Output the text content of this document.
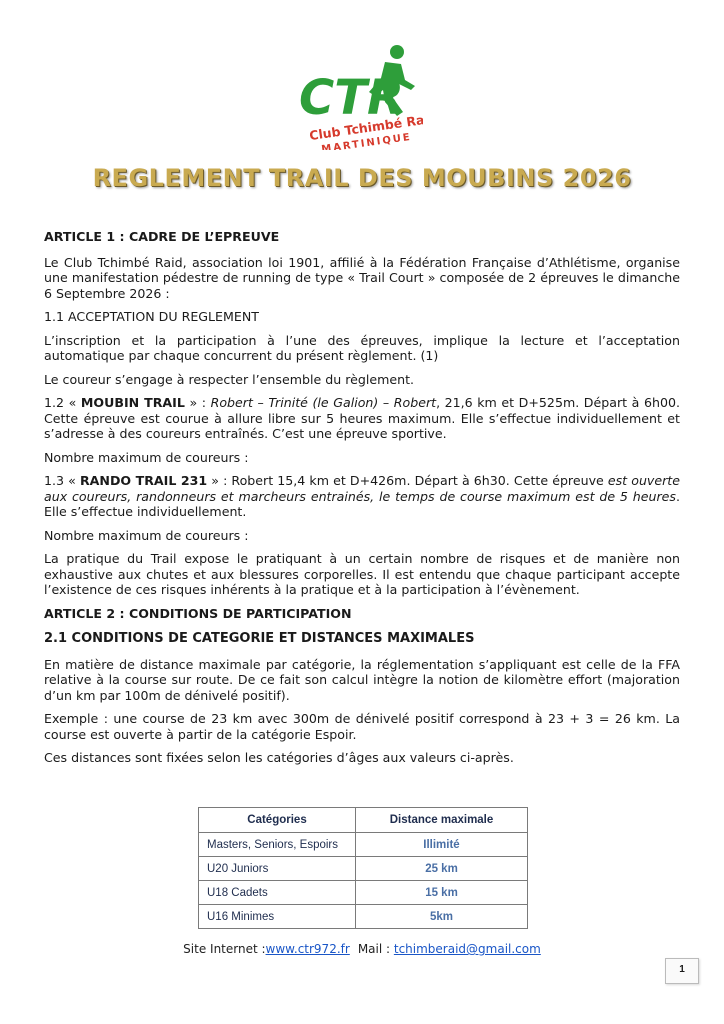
CTR
Club Tchimbé Raid
MARTINIQUE
REGLEMENT TRAIL DES MOUBINS 2026

ARTICLE 1 : CADRE DE L’EPREUVE

Le Club Tchimbé Raid, association loi 1901, affilié à la Fédération Française d’Athlétisme, organise une manifestation pédestre de running de type « Trail Court » composée de 2 épreuves le dimanche 6 Septembre 2026 :

1.1 ACCEPTATION DU REGLEMENT

L’inscription et la participation à l’une des épreuves, implique la lecture et l’acceptation automatique par chaque concurrent du présent règlement. (1)

Le coureur s’engage à respecter l’ensemble du règlement.

1.2 « MOUBIN TRAIL » : Robert – Trinité (le Galion) – Robert, 21,6 km et D+525m. Départ à 6h00. Cette épreuve est courue à allure libre sur 5 heures maximum. Elle s’effectue individuellement et s’adresse à des coureurs entraînés. C’est une épreuve sportive.

Nombre maximum de coureurs :

1.3 « RANDO TRAIL 231 » : Robert 15,4 km et D+426m. Départ à 6h30. Cette épreuve est ouverte aux coureurs, randonneurs et marcheurs entrainés, le temps de course maximum est de 5 heures. Elle s’effectue individuellement.

Nombre maximum de coureurs :

La pratique du Trail expose le pratiquant à un certain nombre de risques et de manière non exhaustive aux chutes et aux blessures corporelles. Il est entendu que chaque participant accepte l’existence de ces risques inhérents à la pratique et à la participation à l’évènement.

ARTICLE 2 : CONDITIONS DE PARTICIPATION

2.1 CONDITIONS DE CATEGORIE ET DISTANCES MAXIMALES

En matière de distance maximale par catégorie, la réglementation s’appliquant est celle de la FFA relative à la course sur route. De ce fait son calcul intègre la notion de kilomètre effort (majoration d’un km par 100m de dénivelé positif).

Exemple : une course de 23 km avec 300m de dénivelé positif correspond à 23 + 3 = 26 km. La course est ouverte à partir de la catégorie Espoir.

Ces distances sont fixées selon les catégories d’âges aux valeurs ci-après.

Catégories	Distance maximale
Masters, Seniors, Espoirs	Illimité
U20 Juniors	25 km
U18 Cadets	15 km
U16 Minimes	5km
Site Internet :www.ctr972.fr Mail : tchimberaid@gmail.com
1
